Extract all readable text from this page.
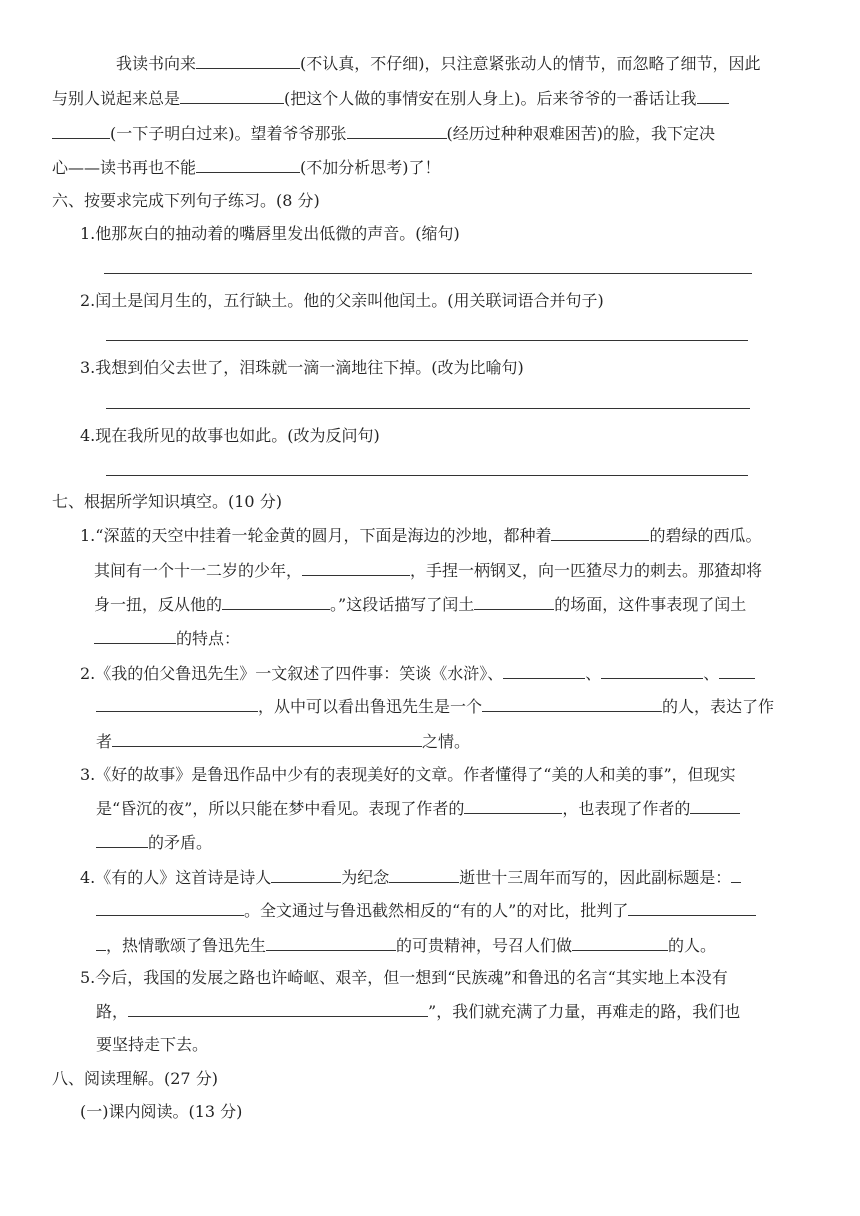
我读书向来	(不认真，不仔细)，只注意紧张动人的情节，而忽略了细节，因此
与别人说起来总是	(把这个人做的事情安在别人身上)。后来爷爷的一番话让我
(一下子明白过来)。望着爷爷那张	(经历过种种艰难困苦)的脸，我下定决
心——读书再也不能	(不加分析思考)了！
六、按要求完成下列句子练习。(8 分)
1.他那灰白的抽动着的嘴唇里发出低微的声音。(缩句)
2.闰土是闰月生的，五行缺土。他的父亲叫他闰土。(用关联词语合并句子)
3.我想到伯父去世了，泪珠就一滴一滴地往下掉。(改为比喻句)
4.现在我所见的故事也如此。(改为反问句)
七、根据所学知识填空。(10 分)
1.“深蓝的天空中挂着一轮金黄的圆月，下面是海边的沙地，都种着	的碧绿的西瓜。
其间有一个十一二岁的少年，	，手捏一柄钢叉，向一匹猹尽力的刺去。那猹却将
身一扭，反从他的	。”这段话描写了闰土	的场面，这件事表现了闰土
的特点：
2.《我的伯父鲁迅先生》一文叙述了四件事：笑谈《水浒》、	、	、
，从中可以看出鲁迅先生是一个	的人，表达了作
者	之情。
3.《好的故事》是鲁迅作品中少有的表现美好的文章。作者懂得了“美的人和美的事”，但现实
是“昏沉的夜”，所以只能在梦中看见。表现了作者的	，也表现了作者的
的矛盾。
4.《有的人》这首诗是诗人	为纪念	逝世十三周年而写的，因此副标题是：
。全文通过与鲁迅截然相反的“有的人”的对比，批判了
，热情歌颂了鲁迅先生	的可贵精神，号召人们做	的人。
5.今后，我国的发展之路也许崎岖、艰辛，但一想到“民族魂”和鲁迅的名言“其实地上本没有
路，	”，我们就充满了力量，再难走的路，我们也
要坚持走下去。
八、阅读理解。(27 分)
(一)课内阅读。(13 分)
